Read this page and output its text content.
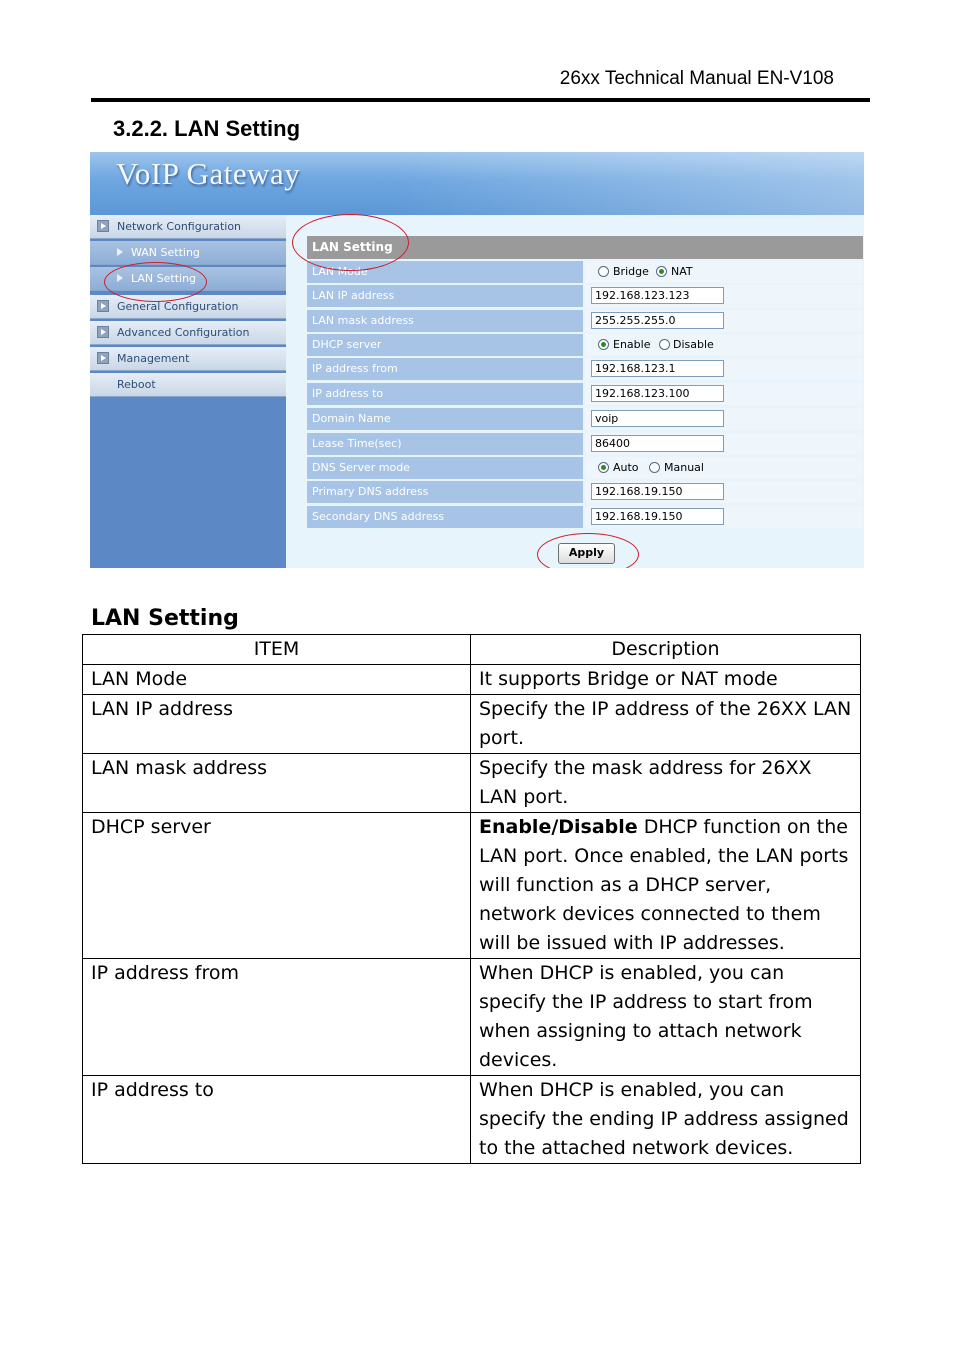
26xx Technical Manual EN-V108
3.2.2. LAN Setting
VoIP Gateway
Network Configuration
WAN Setting
LAN Setting
General Configuration
Advanced Configuration
Management
Reboot
LAN Setting
LAN Mode	Bridge NAT
LAN IP address	192.168.123.123
LAN mask address	255.255.255.0
DHCP server	Enable Disable
IP address from	192.168.123.1
IP address to	192.168.123.100
Domain Name	voip
Lease Time(sec)	86400
DNS Server mode	Auto Manual
Primary DNS address	192.168.19.150
Secondary DNS address	192.168.19.150
Apply
LAN Setting
ITEM	Description
LAN Mode	It supports Bridge or NAT mode
LAN IP address	Specify the IP address of the 26XX LAN port.
LAN mask address	Specify the mask address for 26XX LAN port.
DHCP server	Enable/Disable DHCP function on the LAN port. Once enabled, the LAN ports will function as a DHCP server, network devices connected to them will be issued with IP addresses.
IP address from	When DHCP is enabled, you can specify the IP address to start from when assigning to attach network devices.
IP address to	When DHCP is enabled, you can specify the ending IP address assigned to the attached network devices.
